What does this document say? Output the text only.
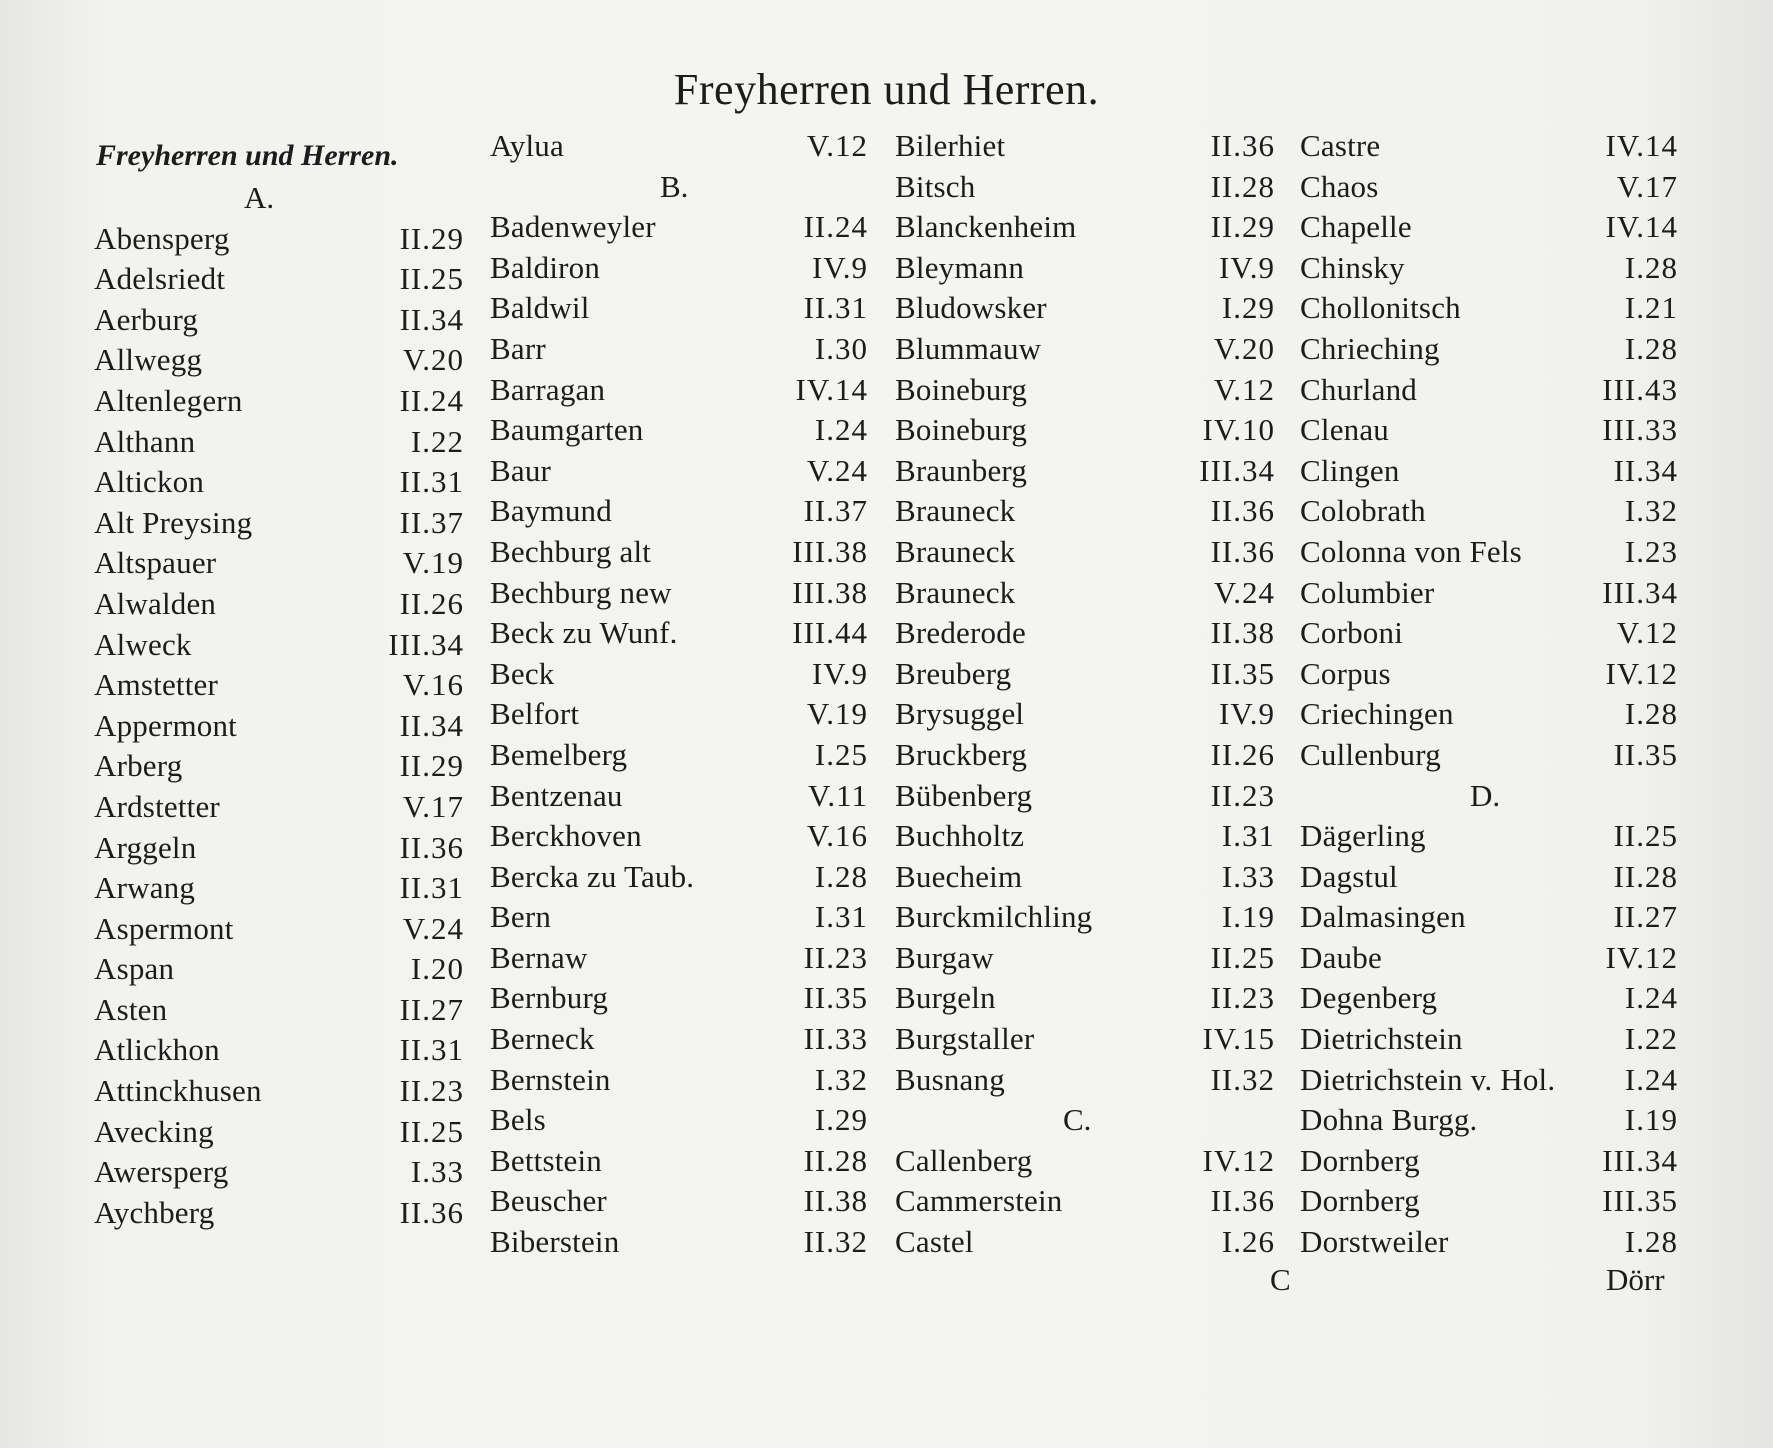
Freyherren und Herren.
Freyherren und Herren.
A.
Abensperg	II.29
Adelsriedt	II.25
Aerburg	II.34
Allwegg	V.20
Altenlegern	II.24
Althann	I.22
Altickon	II.31
Alt Preysing	II.37
Altspauer	V.19
Alwalden	II.26
Alweck	III.34
Amstetter	V.16
Appermont	II.34
Arberg	II.29
Ardstetter	V.17
Arggeln	II.36
Arwang	II.31
Aspermont	V.24
Aspan	I.20
Asten	II.27
Atlickhon	II.31
Attinckhusen	II.23
Avecking	II.25
Awersperg	I.33
Aychberg	II.36
Aylua	V.12
B.
Badenweyler	II.24
Baldiron	IV.9
Baldwil	II.31
Barr	I.30
Barragan	IV.14
Baumgarten	I.24
Baur	V.24
Baymund	II.37
Bechburg alt	III.38
Bechburg new	III.38
Beck zu Wunf.	III.44
Beck	IV.9
Belfort	V.19
Bemelberg	I.25
Bentzenau	V.11
Berckhoven	V.16
Bercka zu Taub.	I.28
Bern	I.31
Bernaw	II.23
Bernburg	II.35
Berneck	II.33
Bernstein	I.32
Bels	I.29
Bettstein	II.28
Beuscher	II.38
Biberstein	II.32
Bilerhiet	II.36
Bitsch	II.28
Blanckenheim	II.29
Bleymann	IV.9
Bludowsker	I.29
Blummauw	V.20
Boineburg	V.12
Boineburg	IV.10
Braunberg	III.34
Brauneck	II.36
Brauneck	II.36
Brauneck	V.24
Brederode	II.38
Breuberg	II.35
Brysuggel	IV.9
Bruckberg	II.26
Bübenberg	II.23
Buchholtz	I.31
Buecheim	I.33
Burckmilchling	I.19
Burgaw	II.25
Burgeln	II.23
Burgstaller	IV.15
Busnang	II.32
C.
Callenberg	IV.12
Cammerstein	II.36
Castel	I.26
Castre	IV.14
Chaos	V.17
Chapelle	IV.14
Chinsky	I.28
Chollonitsch	I.21
Chrieching	I.28
Churland	III.43
Clenau	III.33
Clingen	II.34
Colobrath	I.32
Colonna von Fels	I.23
Columbier	III.34
Corboni	V.12
Corpus	IV.12
Criechingen	I.28
Cullenburg	II.35
D.
Dägerling	II.25
Dagstul	II.28
Dalmasingen	II.27
Daube	IV.12
Degenberg	I.24
Dietrichstein	I.22
Dietrichstein v. Hol. I.24
Dohna Burgg.	I.19
Dornberg	III.34
Dornberg	III.35
Dorstweiler	I.28
C	Dörr
